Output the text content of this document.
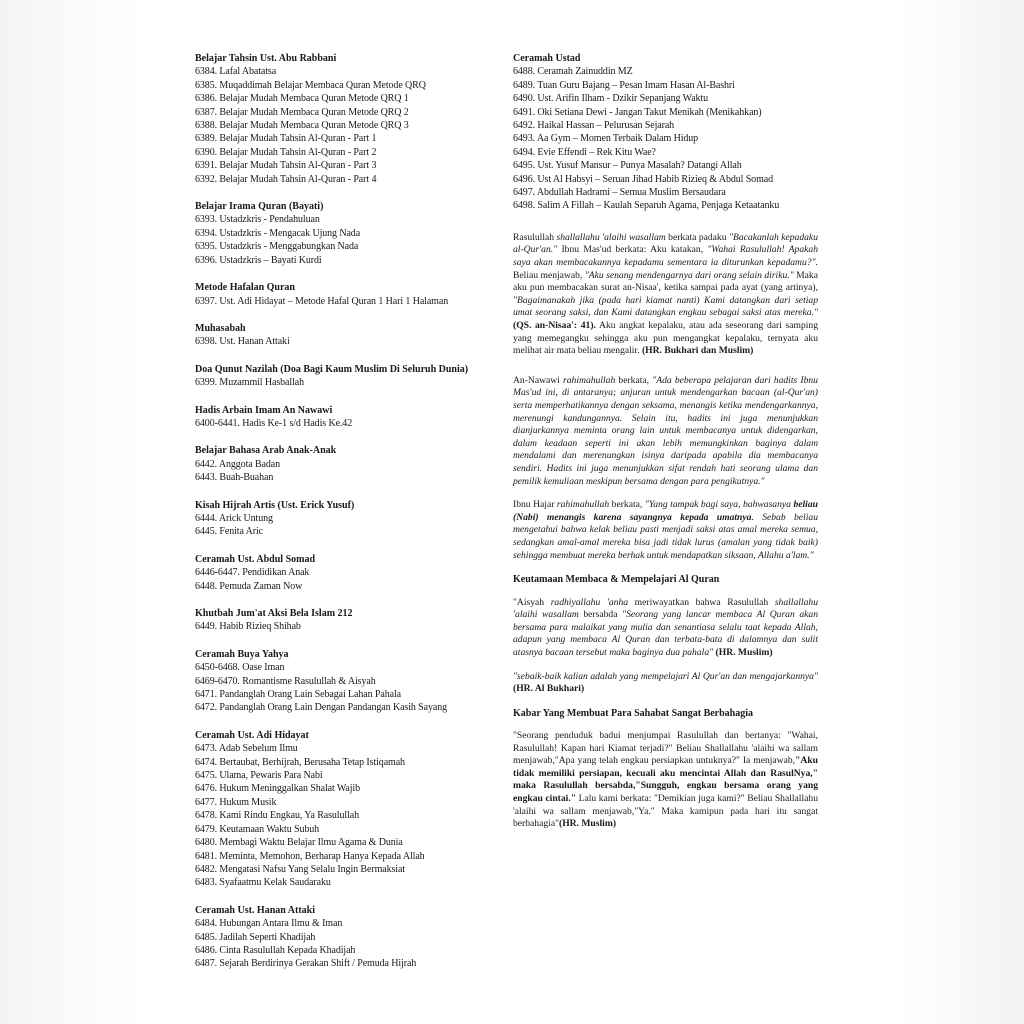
Belajar Tahsin Ust. Abu Rabbani
6384. Lafal Abatatsa
6385. Muqaddimah Belajar Membaca Quran Metode QRQ
6386. Belajar Mudah Membaca Quran Metode QRQ 1
6387. Belajar Mudah Membaca Quran Metode QRQ 2
6388. Belajar Mudah Membaca Quran Metode QRQ 3
6389. Belajar Mudah Tahsin Al-Quran - Part 1
6390. Belajar Mudah Tahsin Al-Quran - Part 2
6391. Belajar Mudah Tahsin Al-Quran - Part 3
6392. Belajar Mudah Tahsin Al-Quran - Part 4
Belajar Irama Quran (Bayati)
6393. Ustadzkris - Pendahuluan
6394. Ustadzkris - Mengacak Ujung Nada
6395. Ustadzkris - Menggabungkan Nada
6396. Ustadzkris – Bayati Kurdi
Metode Hafalan Quran
6397. Ust. Adi Hidayat – Metode Hafal Quran 1 Hari 1 Halaman
Muhasabah
6398. Ust. Hanan Attaki
Doa Qunut Nazilah (Doa Bagi Kaum Muslim Di Seluruh Dunia)
6399. Muzammil Hasballah
Hadis Arbain Imam An Nawawi
6400-6441. Hadis Ke-1 s/d Hadis Ke.42
Belajar Bahasa Arab Anak-Anak
6442. Anggota Badan
6443. Buah-Buahan
Kisah Hijrah Artis (Ust. Erick Yusuf)
6444. Arick Untung
6445. Fenita Aric
Ceramah Ust. Abdul Somad
6446-6447. Pendidikan Anak
6448. Pemuda Zaman Now
Khutbah Jum'at Aksi Bela Islam 212
6449. Habib Rizieq Shihab
Ceramah Buya Yahya
6450-6468. Oase Iman
6469-6470. Romantisme Rasulullah & Aisyah
6471. Pandanglah Orang Lain Sebagai Lahan Pahala
6472. Pandanglah Orang Lain Dengan Pandangan Kasih Sayang
Ceramah Ust. Adi Hidayat
6473. Adab Sebelum Ilmu
6474. Bertaubat, Berhijrah, Berusaha Tetap Istiqamah
6475. Ulama, Pewaris Para Nabi
6476. Hukum Meninggalkan Shalat Wajib
6477. Hukum Musik
6478. Kami Rindu Engkau, Ya Rasulullah
6479. Keutamaan Waktu Subuh
6480. Membagi Waktu Belajar Ilmu Agama & Dunia
6481. Meminta, Memohon, Berharap Hanya Kepada Allah
6482. Mengatasi Nafsu Yang Selalu Ingin Bermaksiat
6483. Syafaatmu Kelak Saudaraku
Ceramah Ust. Hanan Attaki
6484. Hubungan Antara Ilmu & Iman
6485. Jadilah Seperti Khadijah
6486. Cinta Rasulullah Kepada Khadijah
6487. Sejarah Berdirinya Gerakan Shift / Pemuda Hijrah
Ceramah Ustad
6488. Ceramah Zainuddin MZ
6489. Tuan Guru Bajang – Pesan Imam Hasan Al-Bashri
6490. Ust. Arifin Ilham - Dzikir Sepanjang Waktu
6491. Oki Setiana Dewi - Jangan Takut Menikah (Menikahkan)
6492. Haikal Hassan – Pelurusan Sejarah
6493. Aa Gym – Momen Terbaik Dalam Hidup
6494. Evie Effendi – Rek Kitu Wae?
6495. Ust. Yusuf Mansur – Punya Masalah? Datangi Allah
6496. Ust Al Habsyi – Seruan Jihad Habib Rizieq & Abdul Somad
6497. Abdullah Hadrami – Semua Muslim Bersaudara
6498. Salim A Fillah – Kaulah Separuh Agama, Penjaga Ketaatanku

Rasulullah shallallahu 'alaihi wasallam berkata padaku "Bacakanlah kepadaku al-Qur'an." Ibnu Mas'ud berkata: Aku katakan, "Wahai Rasulullah! Apakah saya akan membacakannya kepadamu sementara ia diturunkan kepadamu?". Beliau menjawab, "Aku senang mendengarnya dari orang selain diriku." Maka aku pun membacakan surat an-Nisaa', ketika sampai pada ayat (yang artinya), "Bagaimanakah jika (pada hari kiamat nanti) Kami datangkan dari setiap umat seorang saksi, dan Kami datangkan engkau sebagai saksi atas mereka." (QS. an-Nisaa': 41). Aku angkat kepalaku, atau ada seseorang dari samping yang memegangku sehingga aku pun mengangkat kepalaku, ternyata aku melihat air mata beliau mengalir. (HR. Bukhari dan Muslim)

An-Nawawi rahimahullah berkata, "Ada beberapa pelajaran dari hadits Ibnu Mas'ud ini, di antaranya; anjuran untuk mendengarkan bacaan (al-Qur'an) serta memperhatikannya dengan seksama, menangis ketika mendengarkannya, merenungi kandungannya. Selain itu, hadits ini juga menunjukkan dianjurkannya meminta orang lain untuk membacanya untuk didengarkan, dalam keadaan seperti ini akan lebih memungkinkan baginya dalam mendalami dan merenungkan isinya daripada apabila dia membacanya sendiri. Hadits ini juga menunjukkan sifat rendah hati seorang ulama dan pemilik kemuliaan meskipun bersama dengan para pengikutnya."

Ibnu Hajar rahimahullah berkata, "Yang tampak bagi saya, bahwasanya beliau (Nabi) menangis karena sayangnya kepada umatnya. Sebab beliau mengetahui bahwa kelak beliau pasti menjadi saksi atas amal mereka semua, sedangkan amal-amal mereka bisa jadi tidak lurus (amalan yang tidak baik) sehingga membuat mereka berhak untuk mendapatkan siksaan, Allahu a'lam."

Keutamaan Membaca & Mempelajari Al Quran

"Aisyah radhiyallahu 'anha meriwayatkan bahwa Rasulullah shallallahu 'alaihi wasallam bersabda "Seorang yang lancar membaca Al Quran akan bersama para malaikat yang mulia dan senantiasa selalu taat kepada Allah, adapun yang membaca Al Quran dan terbata-bata di dalamnya dan sulit atasnya bacaan tersebut maka baginya dua pahala" (HR. Muslim)

"sebaik-baik kalian adalah yang mempelajari Al Qur'an dan mengajarkannya" (HR. Al Bukhari)

Kabar Yang Membuat Para Sahabat Sangat Berbahagia

"Seorang penduduk badui menjumpai Rasulullah dan bertanya: "Wahai, Rasulullah! Kapan hari Kiamat terjadi?" Beliau Shallallahu 'alaihi wa sallam menjawab,"Apa yang telah engkau persiapkan untuknya?" Ia menjawab,"Aku tidak memiliki persiapan, kecuali aku mencintai Allah dan RasulNya," maka Rasulullah bersabda,"Sungguh, engkau bersama orang yang engkau cintai." Lalu kami berkata: "Demikian juga kami?" Beliau Shallallahu 'alaihi wa sallam menjawab,"Ya." Maka kamipun pada hari itu sangat berbahagia"(HR. Muslim)
